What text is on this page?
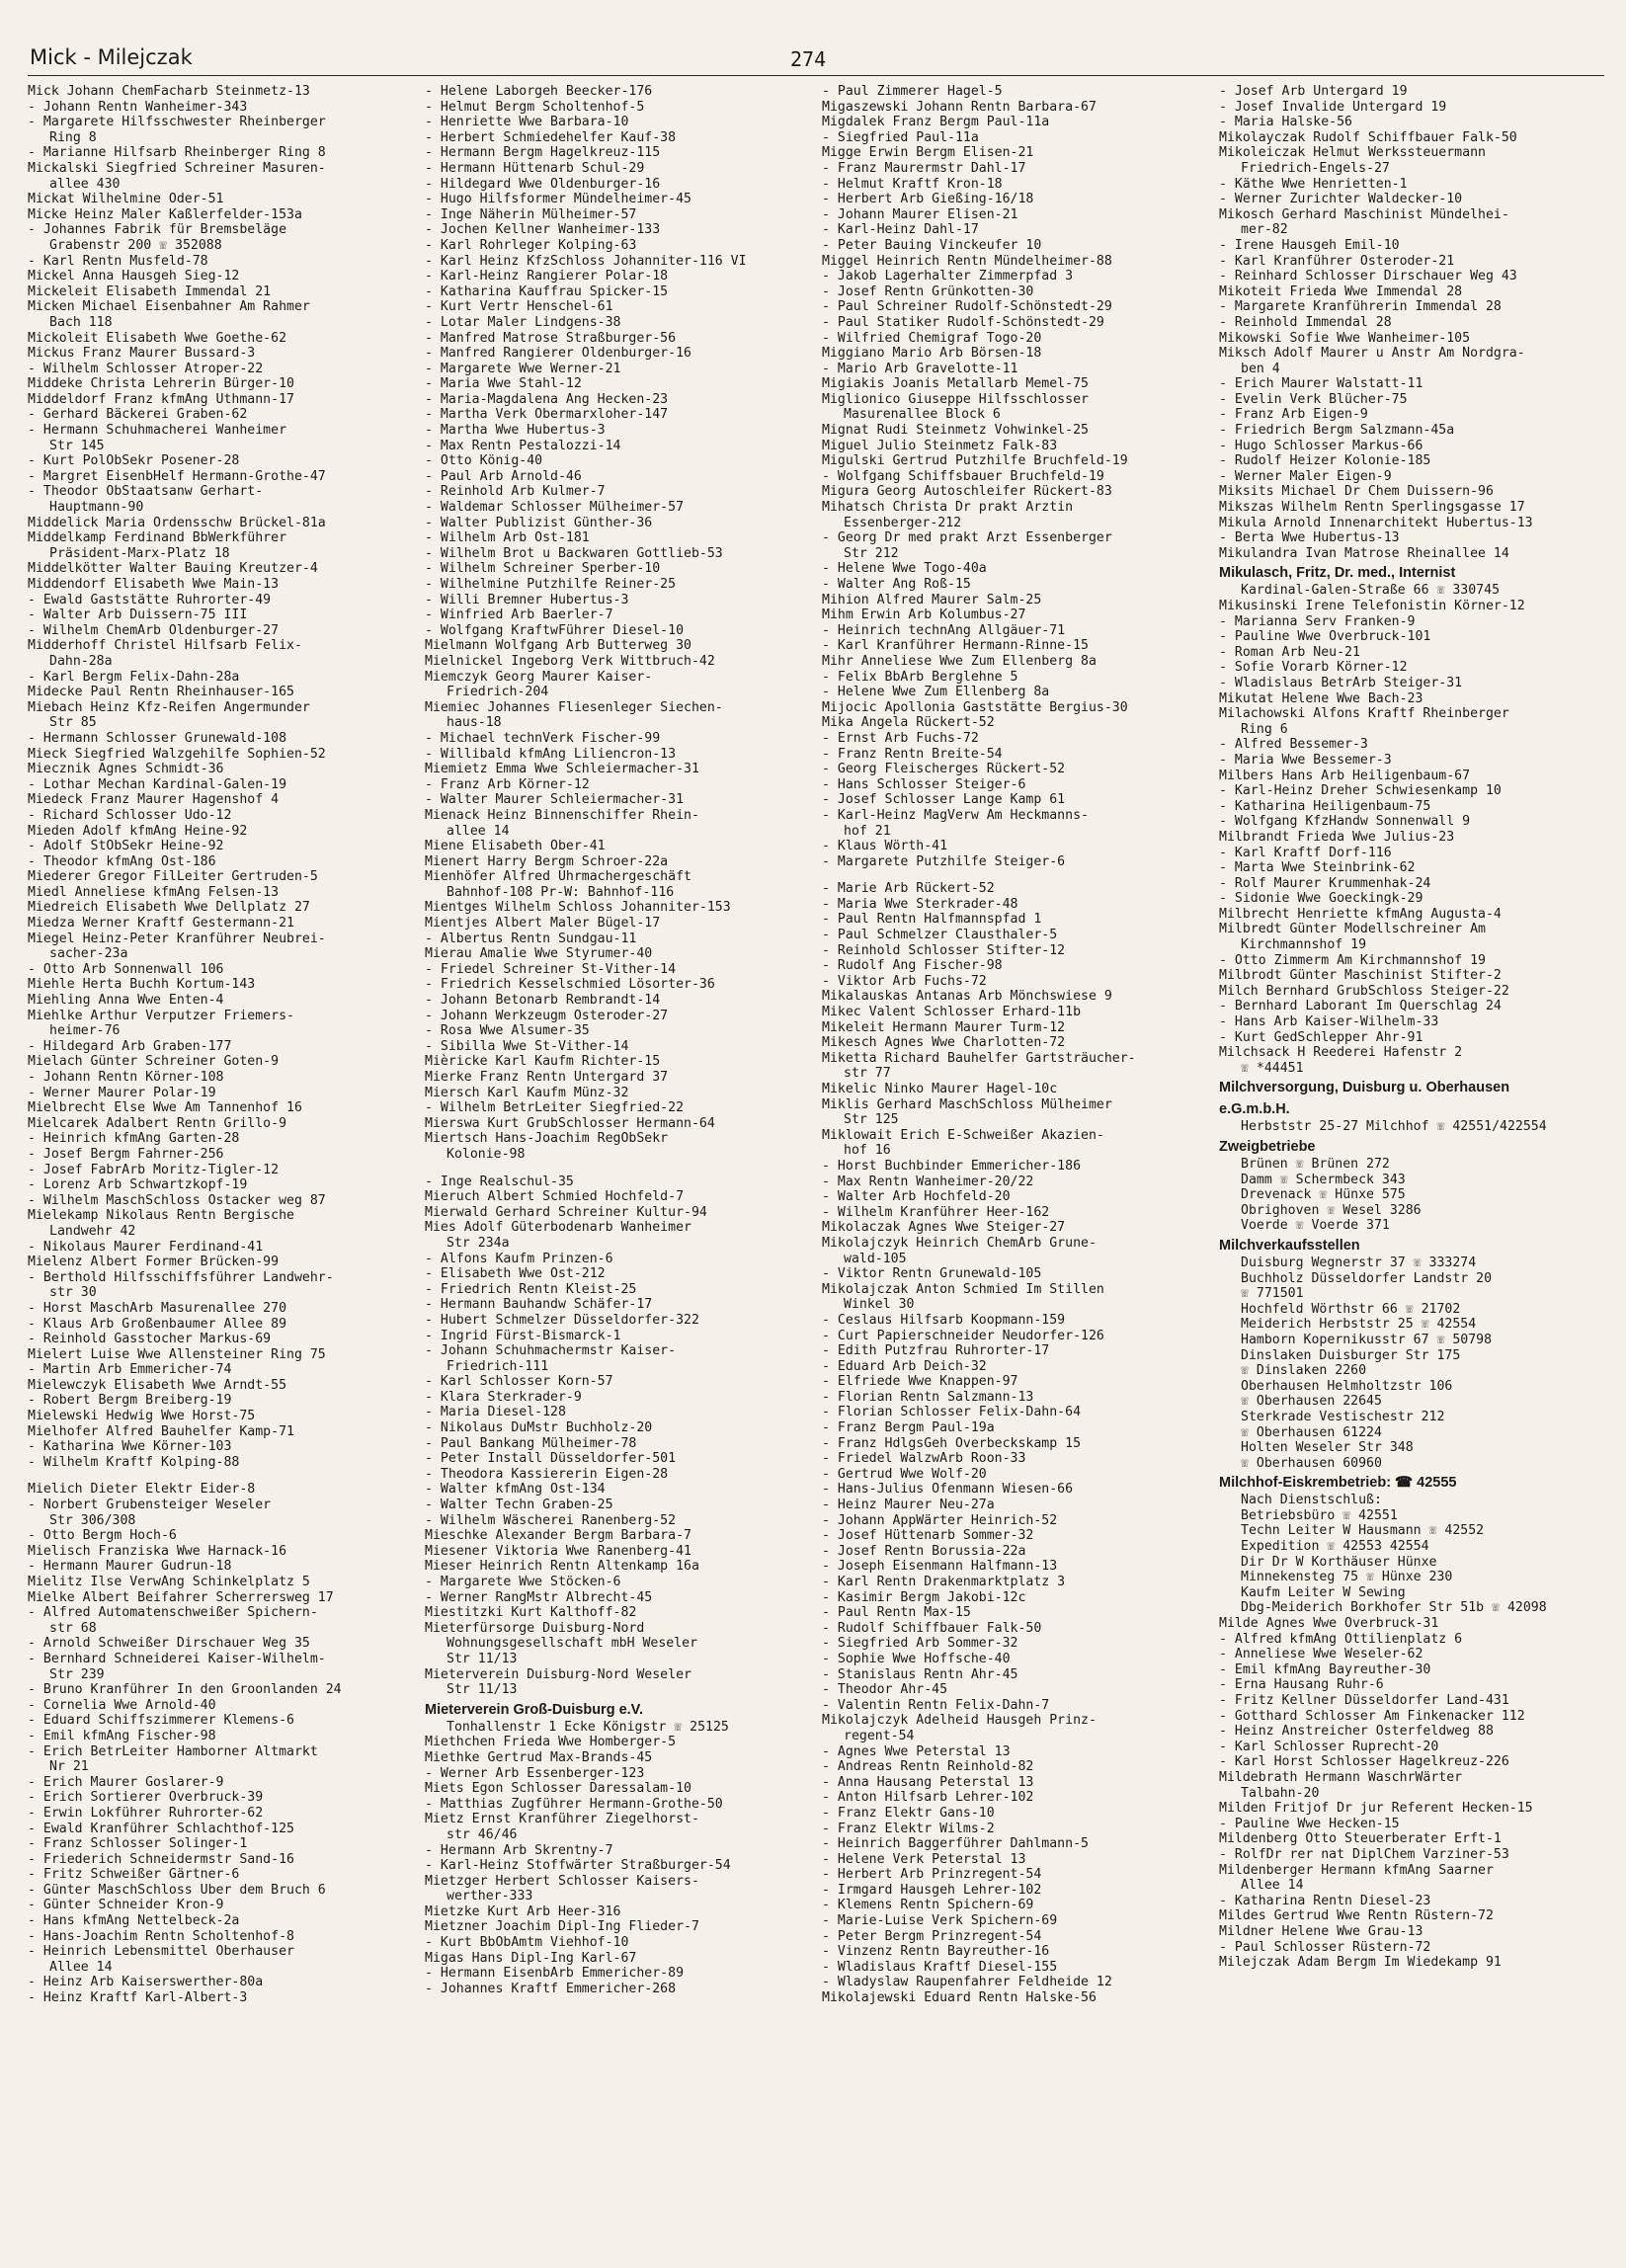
Mick - Milejczak	274
Mick Johann ChemFacharb Steinmetz-13
- Johann Rentn Wanheimer-343
- Margarete Hilfsschwester Rheinberger
Ring 8
- Marianne Hilfsarb Rheinberger Ring 8
Mickalski Siegfried Schreiner Masuren-
allee 430
Mickat Wilhelmine Oder-51
Micke Heinz Maler Kaßlerfelder-153a
- Johannes Fabrik für Bremsbeläge
Grabenstr 200 ☏ 352088
- Karl Rentn Musfeld-78
Mickel Anna Hausgeh Sieg-12
Mickeleit Elisabeth Immendal 21
Micken Michael Eisenbahner Am Rahmer
Bach 118
Mickoleit Elisabeth Wwe Goethe-62
Mickus Franz Maurer Bussard-3
- Wilhelm Schlosser Atroper-22
Middeke Christa Lehrerin Bürger-10
Middeldorf Franz kfmAng Uthmann-17
- Gerhard Bäckerei Graben-62
- Hermann Schuhmacherei Wanheimer
Str 145
- Kurt PolObSekr Posener-28
- Margret EisenbHelf Hermann-Grothe-47
- Theodor ObStaatsanw Gerhart-
Hauptmann-90
Middelick Maria Ordensschw Brückel-81a
Middelkamp Ferdinand BbWerkführer
Präsident-Marx-Platz 18
Middelkötter Walter Bauing Kreutzer-4
Middendorf Elisabeth Wwe Main-13
- Ewald Gaststätte Ruhrorter-49
- Walter Arb Duissern-75 III
- Wilhelm ChemArb Oldenburger-27
Midderhoff Christel Hilfsarb Felix-
Dahn-28a
- Karl Bergm Felix-Dahn-28a
Midecke Paul Rentn Rheinhauser-165
Miebach Heinz Kfz-Reifen Angermunder
Str 85
- Hermann Schlosser Grunewald-108
Mieck Siegfried Walzgehilfe Sophien-52
Miecznik Agnes Schmidt-36
- Lothar Mechan Kardinal-Galen-19
Miedeck Franz Maurer Hagenshof 4
- Richard Schlosser Udo-12
Mieden Adolf kfmAng Heine-92
- Adolf StObSekr Heine-92
- Theodor kfmAng Ost-186
Miederer Gregor FilLeiter Gertruden-5
Miedl Anneliese kfmAng Felsen-13
Miedreich Elisabeth Wwe Dellplatz 27
Miedza Werner Kraftf Gestermann-21
Miegel Heinz-Peter Kranführer Neubrei-
sacher-23a
- Otto Arb Sonnenwall 106
Miehle Herta Buchh Kortum-143
Miehling Anna Wwe Enten-4
Miehlke Arthur Verputzer Friemers-
heimer-76
- Hildegard Arb Graben-177
Mielach Günter Schreiner Goten-9
- Johann Rentn Körner-108
- Werner Maurer Polar-19
Mielbrecht Else Wwe Am Tannenhof 16
Mielcarek Adalbert Rentn Grillo-9
- Heinrich kfmAng Garten-28
- Josef Bergm Fahrner-256
- Josef FabrArb Moritz-Tigler-12
- Lorenz Arb Schwartzkopf-19
- Wilhelm MaschSchloss Ostacker weg 87
Mielekamp Nikolaus Rentn Bergische
Landwehr 42
- Nikolaus Maurer Ferdinand-41
Mielenz Albert Former Brücken-99
- Berthold Hilfsschiffsführer Landwehr-
str 30
- Horst MaschArb Masurenallee 270
- Klaus Arb Großenbaumer Allee 89
- Reinhold Gasstocher Markus-69
Mielert Luise Wwe Allensteiner Ring 75
- Martin Arb Emmericher-74
Mielewczyk Elisabeth Wwe Arndt-55
- Robert Bergm Breiberg-19
Mielewski Hedwig Wwe Horst-75
Mielhofer Alfred Bauhelfer Kamp-71
- Katharina Wwe Körner-103
- Wilhelm Kraftf Kolping-88
Mielich Dieter Elektr Eider-8
- Norbert Grubensteiger Weseler
Str 306/308
- Otto Bergm Hoch-6
Mielisch Franziska Wwe Harnack-16
- Hermann Maurer Gudrun-18
Mielitz Ilse VerwAng Schinkelplatz 5
Mielke Albert Beifahrer Scherrersweg 17
- Alfred Automatenschweißer Spichern-
str 68
- Arnold Schweißer Dirschauer Weg 35
- Bernhard Schneiderei Kaiser-Wilhelm-
Str 239
- Bruno Kranführer In den Groonlanden 24
- Cornelia Wwe Arnold-40
- Eduard Schiffszimmerer Klemens-6
- Emil kfmAng Fischer-98
- Erich BetrLeiter Hamborner Altmarkt
Nr 21
- Erich Maurer Goslarer-9
- Erich Sortierer Overbruck-39
- Erwin Lokführer Ruhrorter-62
- Ewald Kranführer Schlachthof-125
- Franz Schlosser Solinger-1
- Friederich Schneidermstr Sand-16
- Fritz Schweißer Gärtner-6
- Günter MaschSchloss Über dem Bruch 6
- Günter Schneider Kron-9
- Hans kfmAng Nettelbeck-2a
- Hans-Joachim Rentn Scholtenhof-8
- Heinrich Lebensmittel Oberhauser
Allee 14
- Heinz Arb Kaiserswerther-80a
- Heinz Kraftf Karl-Albert-3
- Helene Laborgeh Beecker-176
- Helmut Bergm Scholtenhof-5
- Henriette Wwe Barbara-10
- Herbert Schmiedehelfer Kauf-38
- Hermann Bergm Hagelkreuz-115
- Hermann Hüttenarb Schul-29
- Hildegard Wwe Oldenburger-16
- Hugo Hilfsformer Mündelheimer-45
- Inge Näherin Mülheimer-57
- Jochen Kellner Wanheimer-133
- Karl Rohrleger Kolping-63
- Karl Heinz KfzSchloss Johanniter-116 VI
- Karl-Heinz Rangierer Polar-18
- Katharina Kauffrau Spicker-15
- Kurt Vertr Henschel-61
- Lotar Maler Lindgens-38
- Manfred Matrose Straßburger-56
- Manfred Rangierer Oldenburger-16
- Margarete Wwe Werner-21
- Maria Wwe Stahl-12
- Maria-Magdalena Ang Hecken-23
- Martha Verk Obermarxloher-147
- Martha Wwe Hubertus-3
- Max Rentn Pestalozzi-14
- Otto König-40
- Paul Arb Arnold-46
- Reinhold Arb Kulmer-7
- Waldemar Schlosser Mülheimer-57
- Walter Publizist Günther-36
- Wilhelm Arb Ost-181
- Wilhelm Brot u Backwaren Gottlieb-53
- Wilhelm Schreiner Sperber-10
- Wilhelmine Putzhilfe Reiner-25
- Willi Bremner Hubertus-3
- Winfried Arb Baerler-7
- Wolfgang KraftwFührer Diesel-10
Mielmann Wolfgang Arb Butterweg 30
Mielnickel Ingeborg Verk Wittbruch-42
Miemczyk Georg Maurer Kaiser-
Friedrich-204
Miemiec Johannes Fliesenleger Siechen-
haus-18
- Michael technVerk Fischer-99
- Willibald kfmAng Liliencron-13
Miemietz Emma Wwe Schleiermacher-31
- Franz Arb Körner-12
- Walter Maurer Schleiermacher-31
Mienack Heinz Binnenschiffer Rhein-
allee 14
Miene Elisabeth Ober-41
Mienert Harry Bergm Schroer-22a
Mienhöfer Alfred Uhrmachergeschäft
Bahnhof-108 Pr-W: Bahnhof-116
Mientges Wilhelm Schloss Johanniter-153
Mientjes Albert Maler Bügel-17
- Albertus Rentn Sundgau-11
Mierau Amalie Wwe Styrumer-40
- Friedel Schreiner St-Vither-14
- Friedrich Kesselschmied Lösorter-36
- Johann Betonarb Rembrandt-14
- Johann Werkzeugm Osteroder-27
- Rosa Wwe Alsumer-35
- Sibilla Wwe St-Vither-14
Mièricke Karl Kaufm Richter-15
Mierke Franz Rentn Untergard 37
Miersch Karl Kaufm Münz-32
- Wilhelm BetrLeiter Siegfried-22
Mierswa Kurt GrubSchlosser Hermann-64
Miertsch Hans-Joachim RegObSekr
Kolonie-98
- Inge Realschul-35
Mieruch Albert Schmied Hochfeld-7
Mierwald Gerhard Schreiner Kultur-94
Mies Adolf Güterbodenarb Wanheimer
Str 234a
- Alfons Kaufm Prinzen-6
- Elisabeth Wwe Ost-212
- Friedrich Rentn Kleist-25
- Hermann Bauhandw Schäfer-17
- Hubert Schmelzer Düsseldorfer-322
- Ingrid Fürst-Bismarck-1
- Johann Schuhmachermstr Kaiser-
Friedrich-111
- Karl Schlosser Korn-57
- Klara Sterkrader-9
- Maria Diesel-128
- Nikolaus DuMstr Buchholz-20
- Paul Bankang Mülheimer-78
- Peter Install Düsseldorfer-501
- Theodora Kassiererin Eigen-28
- Walter kfmAng Ost-134
- Walter Techn Graben-25
- Wilhelm Wäscherei Ranenberg-52
Mieschke Alexander Bergm Barbara-7
Miesener Viktoria Wwe Ranenberg-41
Mieser Heinrich Rentn Altenkamp 16a
- Margarete Wwe Stöcken-6
- Werner RangMstr Albrecht-45
Miestitzki Kurt Kalthoff-82
Mieterfürsorge Duisburg-Nord
Wohnungsgesellschaft mbH Weseler
Str 11/13
Mieterverein Duisburg-Nord Weseler
Str 11/13
Mieterverein Groß-Duisburg e.V.
Tonhallenstr 1 Ecke Königstr ☏ 25125
Miethchen Frieda Wwe Homberger-5
Miethke Gertrud Max-Brands-45
- Werner Arb Essenberger-123
Miets Egon Schlosser Daressalam-10
- Matthias Zugführer Hermann-Grothe-50
Mietz Ernst Kranführer Ziegelhorst-
str 46/46
- Hermann Arb Skrentny-7
- Karl-Heinz Stoffwärter Straßburger-54
Mietzger Herbert Schlosser Kaisers-
werther-333
Mietzke Kurt Arb Heer-316
Mietzner Joachim Dipl-Ing Flieder-7
- Kurt BbObAmtm Viehhof-10
Migas Hans Dipl-Ing Karl-67
- Hermann EisenbArb Emmericher-89
- Johannes Kraftf Emmericher-268
- Paul Zimmerer Hagel-5
Migaszewski Johann Rentn Barbara-67
Migdalek Franz Bergm Paul-11a
- Siegfried Paul-11a
Migge Erwin Bergm Elisen-21
- Franz Maurermstr Dahl-17
- Helmut Kraftf Kron-18
- Herbert Arb Gießing-16/18
- Johann Maurer Elisen-21
- Karl-Heinz Dahl-17
- Peter Bauing Vinckeufer 10
Miggel Heinrich Rentn Mündelheimer-88
- Jakob Lagerhalter Zimmerpfad 3
- Josef Rentn Grünkotten-30
- Paul Schreiner Rudolf-Schönstedt-29
- Paul Statiker Rudolf-Schönstedt-29
- Wilfried Chemigraf Togo-20
Miggiano Mario Arb Börsen-18
- Mario Arb Gravelotte-11
Migiakis Joanis Metallarb Memel-75
Miglionico Giuseppe Hilfsschlosser
Masurenallee Block 6
Mignat Rudi Steinmetz Vohwinkel-25
Miguel Julio Steinmetz Falk-83
Migulski Gertrud Putzhilfe Bruchfeld-19
- Wolfgang Schiffsbauer Bruchfeld-19
Migura Georg Autoschleifer Rückert-83
Mihatsch Christa Dr prakt Ärztin
Essenberger-212
- Georg Dr med prakt Arzt Essenberger
Str 212
- Helene Wwe Togo-40a
- Walter Ang Roß-15
Mihion Alfred Maurer Salm-25
Mihm Erwin Arb Kolumbus-27
- Heinrich technAng Allgäuer-71
- Karl Kranführer Hermann-Rinne-15
Mihr Anneliese Wwe Zum Ellenberg 8a
- Felix BbArb Berglehne 5
- Helene Wwe Zum Ellenberg 8a
Mijocic Apollonia Gaststätte Bergius-30
Mika Angela Rückert-52
- Ernst Arb Fuchs-72
- Franz Rentn Breite-54
- Georg Fleischerges Rückert-52
- Hans Schlosser Steiger-6
- Josef Schlosser Lange Kamp 61
- Karl-Heinz MagVerw Am Heckmanns-
hof 21
- Klaus Wörth-41
- Margarete Putzhilfe Steiger-6
- Marie Arb Rückert-52
- Maria Wwe Sterkrader-48
- Paul Rentn Halfmannspfad 1
- Paul Schmelzer Clausthaler-5
- Reinhold Schlosser Stifter-12
- Rudolf Ang Fischer-98
- Viktor Arb Fuchs-72
Mikalauskas Antanas Arb Mönchswiese 9
Mikec Valent Schlosser Erhard-11b
Mikeleit Hermann Maurer Turm-12
Mikesch Agnes Wwe Charlotten-72
Miketta Richard Bauhelfer Gartsträucher-
str 77
Mikelic Ninko Maurer Hagel-10c
Miklis Gerhard MaschSchloss Mülheimer
Str 125
Miklowait Erich E-Schweißer Akazien-
hof 16
- Horst Buchbinder Emmericher-186
- Max Rentn Wanheimer-20/22
- Walter Arb Hochfeld-20
- Wilhelm Kranführer Heer-162
Mikolaczak Agnes Wwe Steiger-27
Mikolajczyk Heinrich ChemArb Grune-
wald-105
- Viktor Rentn Grunewald-105
Mikolajczak Anton Schmied Im Stillen
Winkel 30
- Ceslaus Hilfsarb Koopmann-159
- Curt Papierschneider Neudorfer-126
- Edith Putzfrau Ruhrorter-17
- Eduard Arb Deich-32
- Elfriede Wwe Knappen-97
- Florian Rentn Salzmann-13
- Florian Schlosser Felix-Dahn-64
- Franz Bergm Paul-19a
- Franz HdlgsGeh Overbeckskamp 15
- Friedel WalzwArb Roon-33
- Gertrud Wwe Wolf-20
- Hans-Julius Ofenmann Wiesen-66
- Heinz Maurer Neu-27a
- Johann AppWärter Heinrich-52
- Josef Hüttenarb Sommer-32
- Josef Rentn Borussia-22a
- Joseph Eisenmann Halfmann-13
- Karl Rentn Drakenmarktplatz 3
- Kasimir Bergm Jakobi-12c
- Paul Rentn Max-15
- Rudolf Schiffbauer Falk-50
- Siegfried Arb Sommer-32
- Sophie Wwe Hoffsche-40
- Stanislaus Rentn Ahr-45
- Theodor Ahr-45
- Valentin Rentn Felix-Dahn-7
Mikolajczyk Adelheid Hausgeh Prinz-
regent-54
- Agnes Wwe Peterstal 13
- Andreas Rentn Reinhold-82
- Anna Hausang Peterstal 13
- Anton Hilfsarb Lehrer-102
- Franz Elektr Gans-10
- Franz Elektr Wilms-2
- Heinrich Baggerführer Dahlmann-5
- Helene Verk Peterstal 13
- Herbert Arb Prinzregent-54
- Irmgard Hausgeh Lehrer-102
- Klemens Rentn Spichern-69
- Marie-Luise Verk Spichern-69
- Peter Bergm Prinzregent-54
- Vinzenz Rentn Bayreuther-16
- Wladislaus Kraftf Diesel-155
- Wladyslaw Raupenfahrer Feldheide 12
Mikolajewski Eduard Rentn Halske-56
- Josef Arb Untergard 19
- Josef Invalide Untergard 19
- Maria Halske-56
Mikolayczak Rudolf Schiffbauer Falk-50
Mikoleiczak Helmut Werkssteuermann
Friedrich-Engels-27
- Käthe Wwe Henrietten-1
- Werner Zurichter Waldecker-10
Mikosch Gerhard Maschinist Mündelhei-
mer-82
- Irene Hausgeh Emil-10
- Karl Kranführer Osteroder-21
- Reinhard Schlosser Dirschauer Weg 43
Mikoteit Frieda Wwe Immendal 28
- Margarete Kranführerin Immendal 28
- Reinhold Immendal 28
Mikowski Sofie Wwe Wanheimer-105
Miksch Adolf Maurer u Anstr Am Nordgra-
ben 4
- Erich Maurer Walstatt-11
- Evelin Verk Blücher-75
- Franz Arb Eigen-9
- Friedrich Bergm Salzmann-45a
- Hugo Schlosser Markus-66
- Rudolf Heizer Kolonie-185
- Werner Maler Eigen-9
Miksits Michael Dr Chem Duissern-96
Mikszas Wilhelm Rentn Sperlingsgasse 17
Mikula Arnold Innenarchitekt Hubertus-13
- Berta Wwe Hubertus-13
Mikulandra Ivan Matrose Rheinallee 14
Mikulasch, Fritz, Dr. med., Internist
Kardinal-Galen-Straße 66 ☏ 330745
Mikusinski Irene Telefonistin Körner-12
- Marianna Serv Franken-9
- Pauline Wwe Overbruck-101
- Roman Arb Neu-21
- Sofie Vorarb Körner-12
- Wladislaus BetrArb Steiger-31
Mikutat Helene Wwe Bach-23
Milachowski Alfons Kraftf Rheinberger
Ring 6
- Alfred Bessemer-3
- Maria Wwe Bessemer-3
Milbers Hans Arb Heiligenbaum-67
- Karl-Heinz Dreher Schwiesenkamp 10
- Katharina Heiligenbaum-75
- Wolfgang KfzHandw Sonnenwall 9
Milbrandt Frieda Wwe Julius-23
- Karl Kraftf Dorf-116
- Marta Wwe Steinbrink-62
- Rolf Maurer Krummenhak-24
- Sidonie Wwe Goeckingk-29
Milbrecht Henriette kfmAng Augusta-4
Milbredt Günter Modellschreiner Am
Kirchmannshof 19
- Otto Zimmerm Am Kirchmannshof 19
Milbrodt Günter Maschinist Stifter-2
Milch Bernhard GrubSchloss Steiger-22
- Bernhard Laborant Im Querschlag 24
- Hans Arb Kaiser-Wilhelm-33
- Kurt GedSchlepper Ahr-91
Milchsack H Reederei Hafenstr 2
☏ *44451
Milchversorgung, Duisburg u. Oberhausen
e.G.m.b.H.
Herbststr 25-27 Milchhof ☏ 42551/422554
Zweigbetriebe
Brünen ☏ Brünen 272
Damm ☏ Schermbeck 343
Drevenack ☏ Hünxe 575
Obrighoven ☏ Wesel 3286
Voerde ☏ Voerde 371
Milchverkaufsstellen
Duisburg Wegnerstr 37 ☏ 333274
Buchholz Düsseldorfer Landstr 20
☏ 771501
Hochfeld Wörthstr 66 ☏ 21702
Meiderich Herbststr 25 ☏ 42554
Hamborn Kopernikusstr 67 ☏ 50798
Dinslaken Duisburger Str 175
☏ Dinslaken 2260
Oberhausen Helmholtzstr 106
☏ Oberhausen 22645
Sterkrade Vestischestr 212
☏ Oberhausen 61224
Holten Weseler Str 348
☏ Oberhausen 60960
Milchhof-Eiskrembetrieb: ☎ 42555
Nach Dienstschluß:
Betriebsbüro ☏ 42551
Techn Leiter W Hausmann ☏ 42552
Expedition ☏ 42553 42554
Dir Dr W Korthäuser Hünxe
Minnekensteg 75 ☏ Hünxe 230
Kaufm Leiter W Sewing
Dbg-Meiderich Borkhofer Str 51b ☏ 42098
Milde Agnes Wwe Overbruck-31
- Alfred kfmAng Ottilienplatz 6
- Anneliese Wwe Weseler-62
- Emil kfmAng Bayreuther-30
- Erna Hausang Ruhr-6
- Fritz Kellner Düsseldorfer Land-431
- Gotthard Schlosser Am Finkenacker 112
- Heinz Anstreicher Osterfeldweg 88
- Karl Schlosser Ruprecht-20
- Karl Horst Schlosser Hagelkreuz-226
Mildebrath Hermann WaschrWärter
Talbahn-20
Milden Fritjof Dr jur Referent Hecken-15
- Pauline Wwe Hecken-15
Mildenberg Otto Steuerberater Erft-1
- RolfDr rer nat DiplChem Varziner-53
Mildenberger Hermann kfmAng Saarner
Allee 14
- Katharina Rentn Diesel-23
Mildes Gertrud Wwe Rentn Rüstern-72
Mildner Helene Wwe Grau-13
- Paul Schlosser Rüstern-72
Milejczak Adam Bergm Im Wiedekamp 91
